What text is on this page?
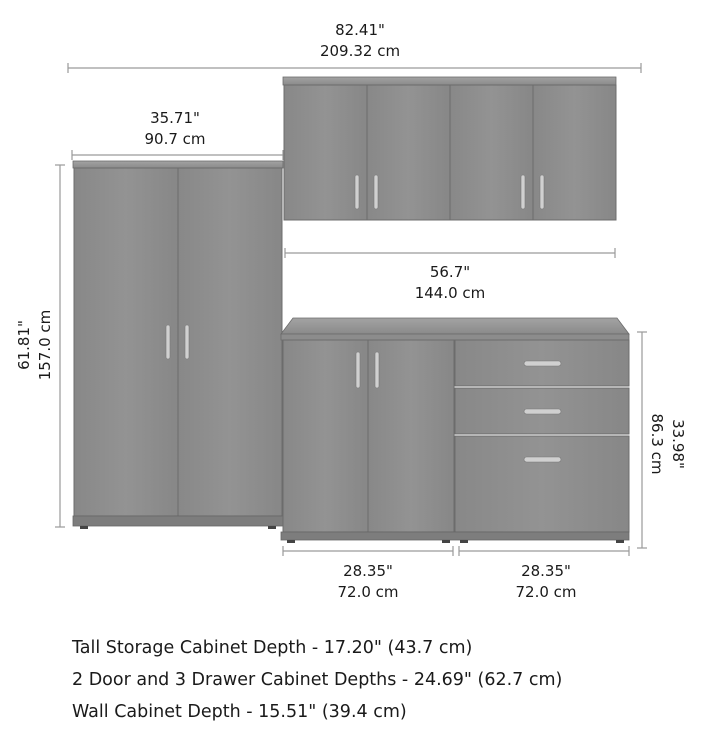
82.41"
209.32 cm
35.71"
90.7 cm
56.7"
144.0 cm
61.81" 157.0 cm
33.98"
86.3 cm
28.35"
72.0 cm
28.35"
72.0 cm
Tall Storage Cabinet Depth - 17.20" (43.7 cm)
2 Door and 3 Drawer Cabinet Depths - 24.69" (62.7 cm)
Wall Cabinet Depth - 15.51" (39.4 cm)
